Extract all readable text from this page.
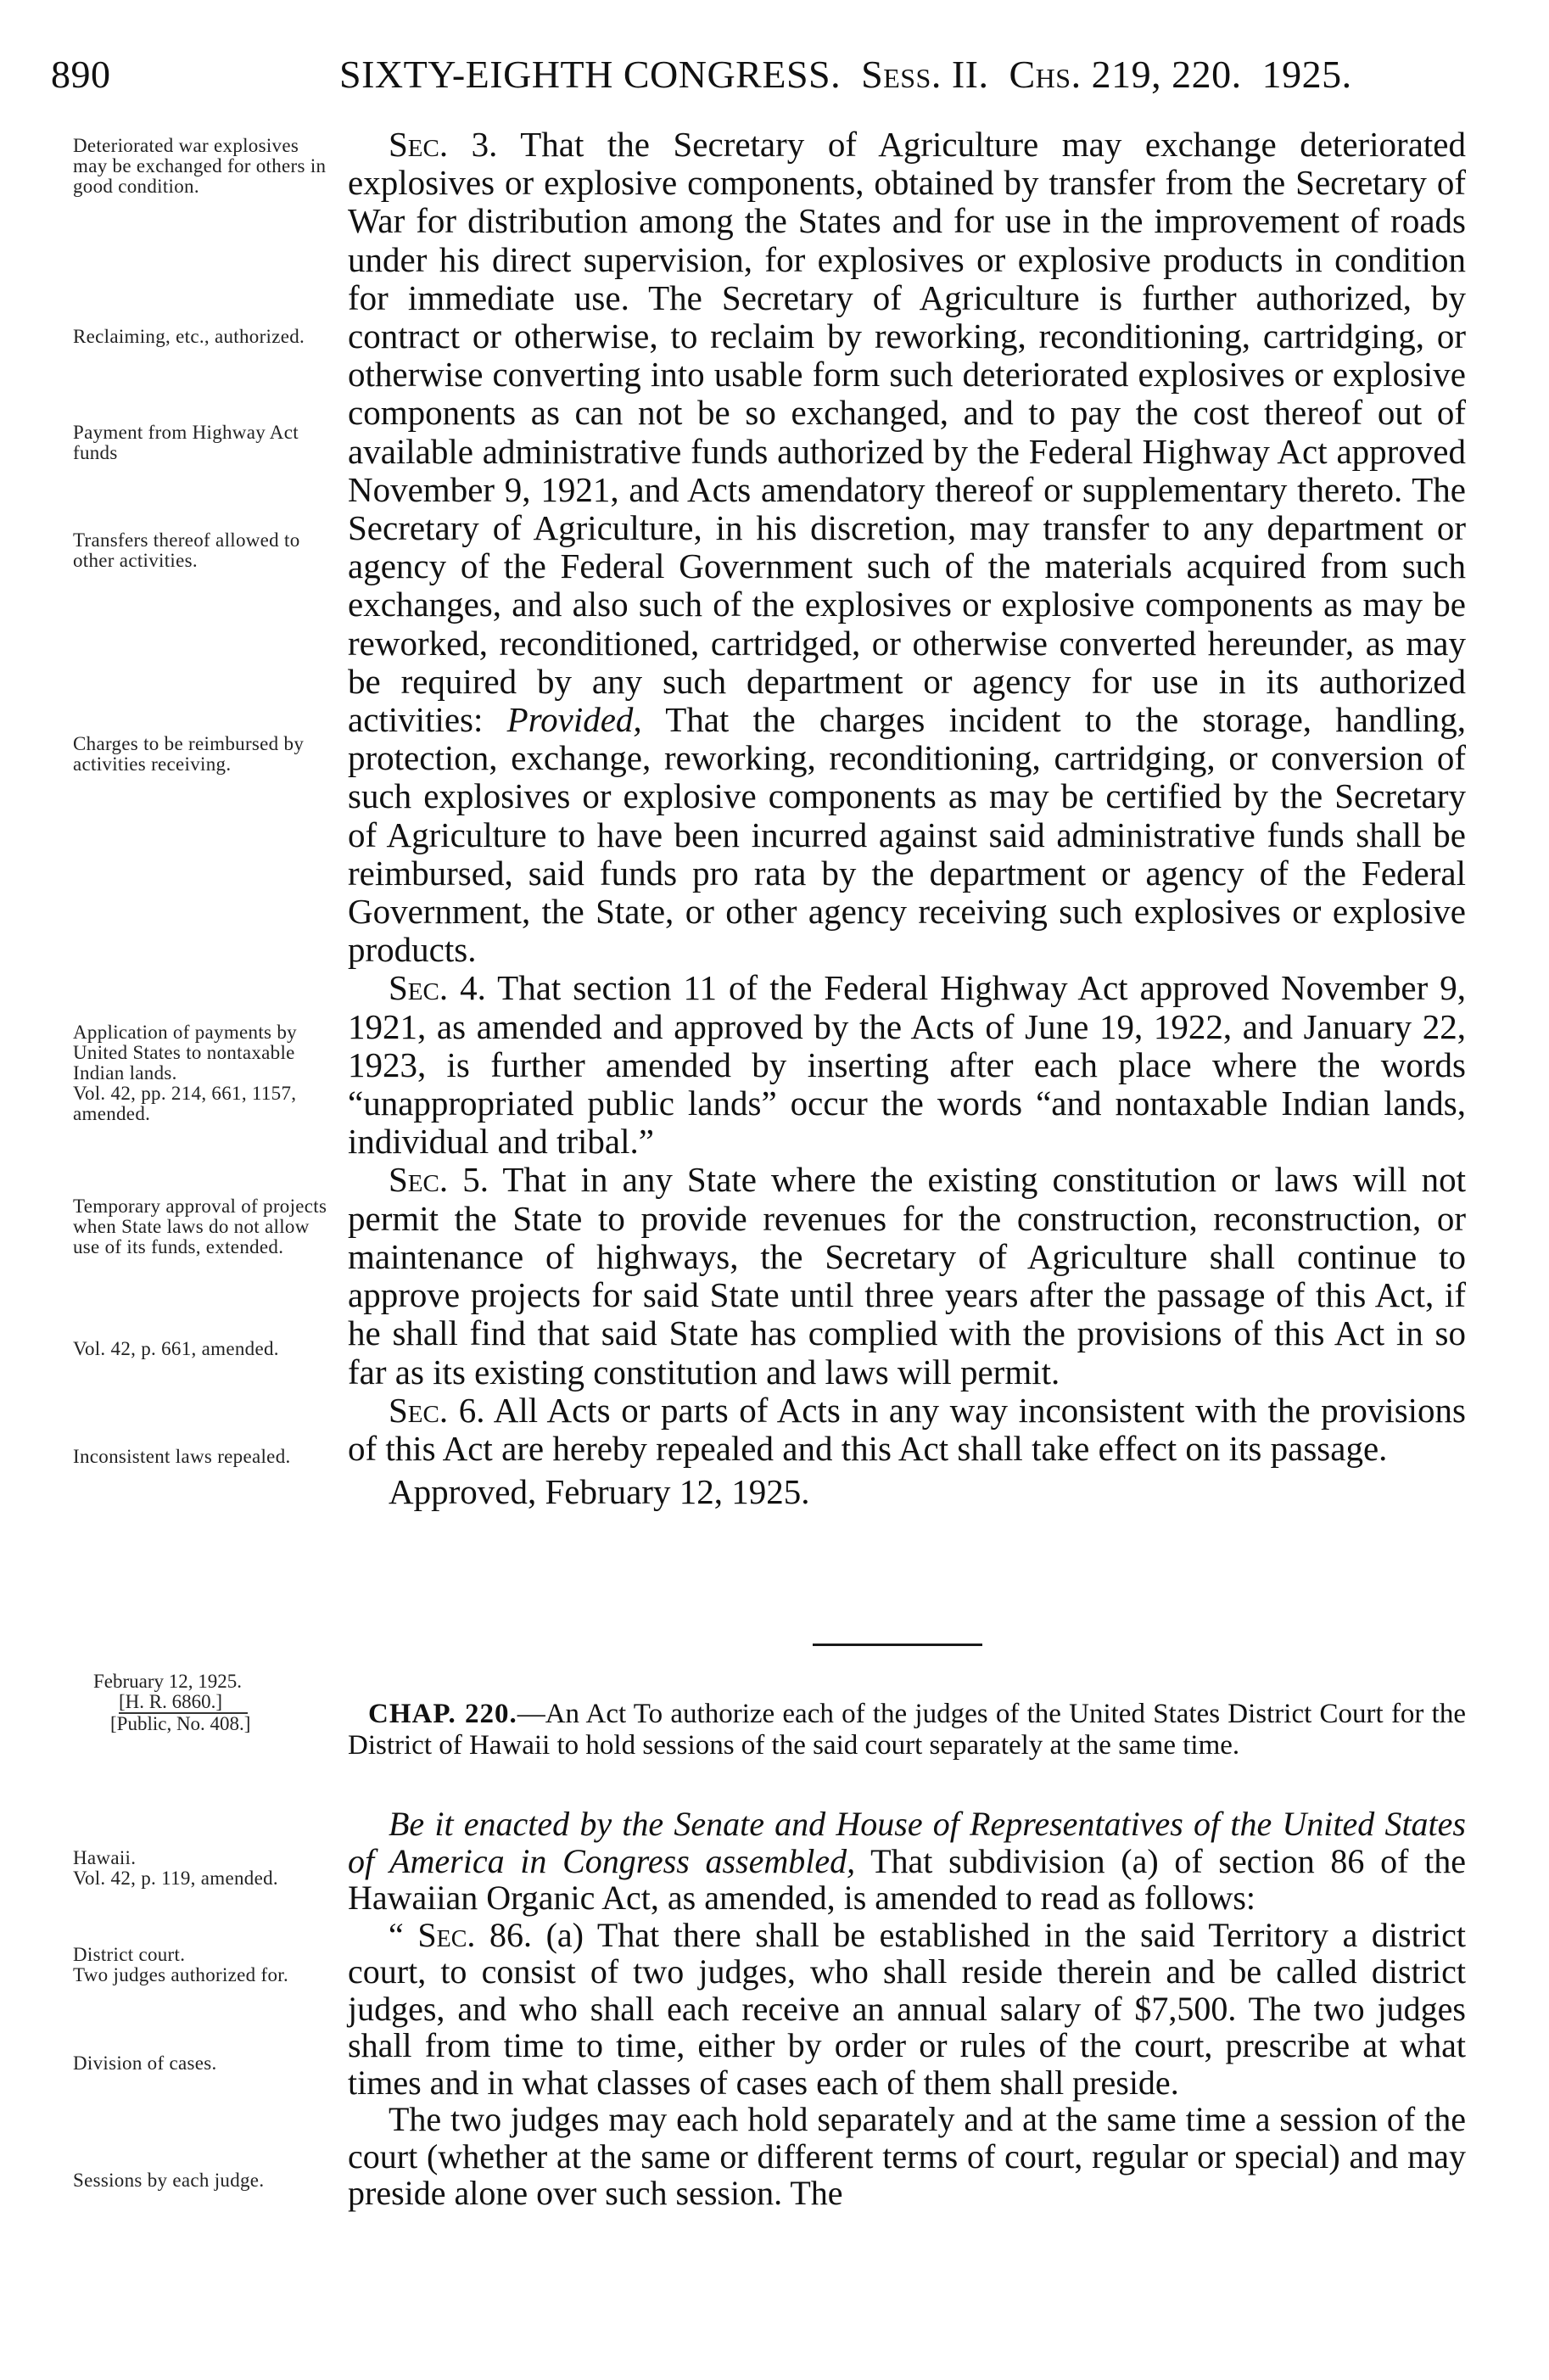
890	SIXTY-EIGHTH CONGRESS. Sess. II. Chs. 219, 220. 1925.
Deteriorated war explosives may be exchanged for others in good condition.
Reclaiming, etc., authorized.
Payment from Highway Act funds
Transfers thereof allowed to other activities.
Charges to be reimbursed by activities receiving.
Application of payments by United States to nontaxable Indian lands.
Vol. 42, pp. 214, 661, 1157, amended.
Temporary approval of projects when State laws do not allow use of its funds, extended.
Vol. 42, p. 661, amended.
Inconsistent laws repealed.

Sec. 3. That the Secretary of Agriculture may exchange deteriorated explosives or explosive components, obtained by transfer from the Secretary of War for distribution among the States and for use in the improvement of roads under his direct supervision, for explosives or explosive products in condition for immediate use. The Secretary of Agriculture is further authorized, by contract or otherwise, to reclaim by reworking, reconditioning, cartridging, or otherwise converting into usable form such deteriorated explosives or explosive components as can not be so exchanged, and to pay the cost thereof out of available administrative funds authorized by the Federal Highway Act approved November 9, 1921, and Acts amendatory thereof or supplementary thereto. The Secretary of Agriculture, in his discretion, may transfer to any department or agency of the Federal Government such of the materials acquired from such exchanges, and also such of the explosives or explosive components as may be reworked, reconditioned, cartridged, or otherwise converted hereunder, as may be required by any such department or agency for use in its authorized activities: Provided, That the charges incident to the storage, handling, protection, exchange, reworking, reconditioning, cartridging, or conversion of such explosives or explosive components as may be certified by the Secretary of Agriculture to have been incurred against said administrative funds shall be reimbursed, said funds pro rata by the department or agency of the Federal Government, the State, or other agency receiving such explosives or explosive products.

Sec. 4. That section 11 of the Federal Highway Act approved November 9, 1921, as amended and approved by the Acts of June 19, 1922, and January 22, 1923, is further amended by inserting after each place where the words “unappropriated public lands” occur the words “and nontaxable Indian lands, individual and tribal.”

Sec. 5. That in any State where the existing constitution or laws will not permit the State to provide revenues for the construction, reconstruction, or maintenance of highways, the Secretary of Agriculture shall continue to approve projects for said State until three years after the passage of this Act, if he shall find that said State has complied with the provisions of this Act in so far as its existing constitution and laws will permit.

Sec. 6. All Acts or parts of Acts in any way inconsistent with the provisions of this Act are hereby repealed and this Act shall take effect on its passage.

Approved, February 12, 1925.

February 12, 1925.
[H. R. 6860.]
[Public, No. 408.]	CHAP. 220.—An Act To authorize each of the judges of the United States District Court for the District of Hawaii to hold sessions of the said court separately at the same time.

Hawaii.
Vol. 42, p. 119, amended.
District court.
Two judges authorized for.
Division of cases.
Sessions by each judge.

Be it enacted by the Senate and House of Representatives of the United States of America in Congress assembled, That subdivision (a) of section 86 of the Hawaiian Organic Act, as amended, is amended to read as follows:

“ Sec. 86. (a) That there shall be established in the said Territory a district court, to consist of two judges, who shall reside therein and be called district judges, and who shall each receive an annual salary of $7,500. The two judges shall from time to time, either by order or rules of the court, prescribe at what times and in what classes of cases each of them shall preside.

The two judges may each hold separately and at the same time a session of the court (whether at the same or different terms of court, regular or special) and may preside alone over such session. The
